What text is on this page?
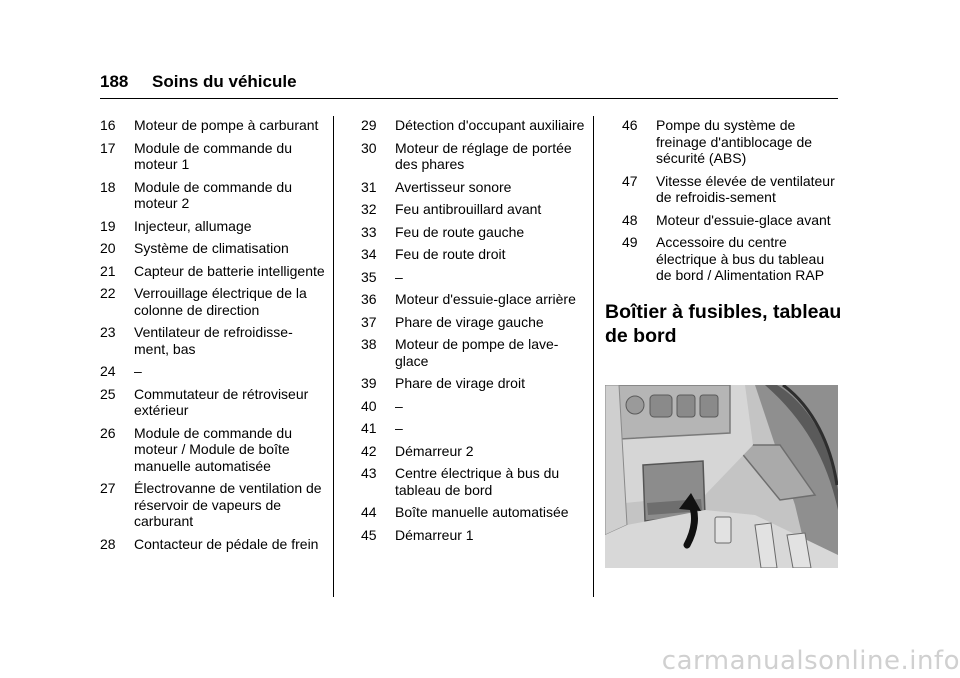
188 Soins du véhicule
16	Moteur de pompe à carburant
17	Module de commande du moteur 1
18	Module de commande du moteur 2
19	Injecteur, allumage
20	Système de climatisation
21	Capteur de batterie intelligente
22	Verrouillage électrique de la colonne de direction
23	Ventilateur de refroidisse‐ment, bas
24	–
25	Commutateur de rétroviseur extérieur
26	Module de commande du moteur / Module de boîte manuelle automatisée
27	Électrovanne de ventilation de réservoir de vapeurs de carburant
28	Contacteur de pédale de frein
29	Détection d'occupant auxiliaire
30	Moteur de réglage de portée des phares
31	Avertisseur sonore
32	Feu antibrouillard avant
33	Feu de route gauche
34	Feu de route droit
35	–
36	Moteur d'essuie-glace arrière
37	Phare de virage gauche
38	Moteur de pompe de lave-glace
39	Phare de virage droit
40	–
41	–
42	Démarreur 2
43	Centre électrique à bus du tableau de bord
44	Boîte manuelle automatisée
45	Démarreur 1
46	Pompe du système de freinage d'antiblocage de sécurité (ABS)
47	Vitesse élevée de ventilateur de refroidis‐sement
48	Moteur d'essuie-glace avant
49	Accessoire du centre électrique à bus du tableau de bord / Alimentation RAP
Boîtier à fusibles, tableau de bord
carmanualsonline.info
